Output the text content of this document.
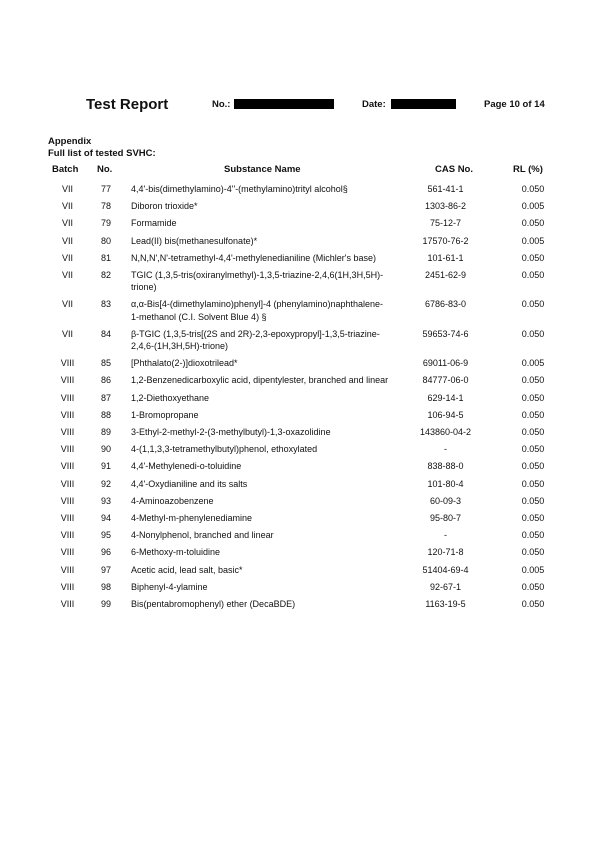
Test Report	No.:	Date:	Page 10 of 14
Appendix
Full list of tested SVHC:
Batch No.	Substance Name	CAS No.	RL (%)
VII	77	4,4'-bis(dimethylamino)-4''-(methylamino)trityl alcohol§	561-41-1	0.050
VII	78	Diboron trioxide*	1303-86-2	0.005
VII	79	Formamide	75-12-7	0.050
VII	80	Lead(II) bis(methanesulfonate)*	17570-76-2	0.005
VII	81	N,N,N',N'-tetramethyl-4,4'-methylenedianiline (Michler's base)	101-61-1	0.050
VII	82	TGIC (1,3,5-tris(oxiranylmethyl)-1,3,5-triazine-2,4,6(1H,3H,5H)-trione)	2451-62-9	0.050
VII	83	α,α-Bis[4-(dimethylamino)phenyl]-4 (phenylamino)naphthalene-1-methanol (C.I. Solvent Blue 4) §	6786-83-0	0.050
VII	84	β-TGIC (1,3,5-tris[(2S and 2R)-2,3-epoxypropyl]-1,3,5-triazine-2,4,6-(1H,3H,5H)-trione)	59653-74-6	0.050
VIII	85	[Phthalato(2-)]dioxotrilead*	69011-06-9	0.005
VIII	86	1,2-Benzenedicarboxylic acid, dipentylester, branched and linear	84777-06-0	0.050
VIII	87	1,2-Diethoxyethane	629-14-1	0.050
VIII	88	1-Bromopropane	106-94-5	0.050
VIII	89	3-Ethyl-2-methyl-2-(3-methylbutyl)-1,3-oxazolidine	143860-04-2	0.050
VIII	90	4-(1,1,3,3-tetramethylbutyl)phenol, ethoxylated	-	0.050
VIII	91	4,4'-Methylenedi-o-toluidine	838-88-0	0.050
VIII	92	4,4'-Oxydianiline and its salts	101-80-4	0.050
VIII	93	4-Aminoazobenzene	60-09-3	0.050
VIII	94	4-Methyl-m-phenylenediamine	95-80-7	0.050
VIII	95	4-Nonylphenol, branched and linear	-	0.050
VIII	96	6-Methoxy-m-toluidine	120-71-8	0.050
VIII	97	Acetic acid, lead salt, basic*	51404-69-4	0.005
VIII	98	Biphenyl-4-ylamine	92-67-1	0.050
VIII	99	Bis(pentabromophenyl) ether (DecaBDE)	1163-19-5	0.050
